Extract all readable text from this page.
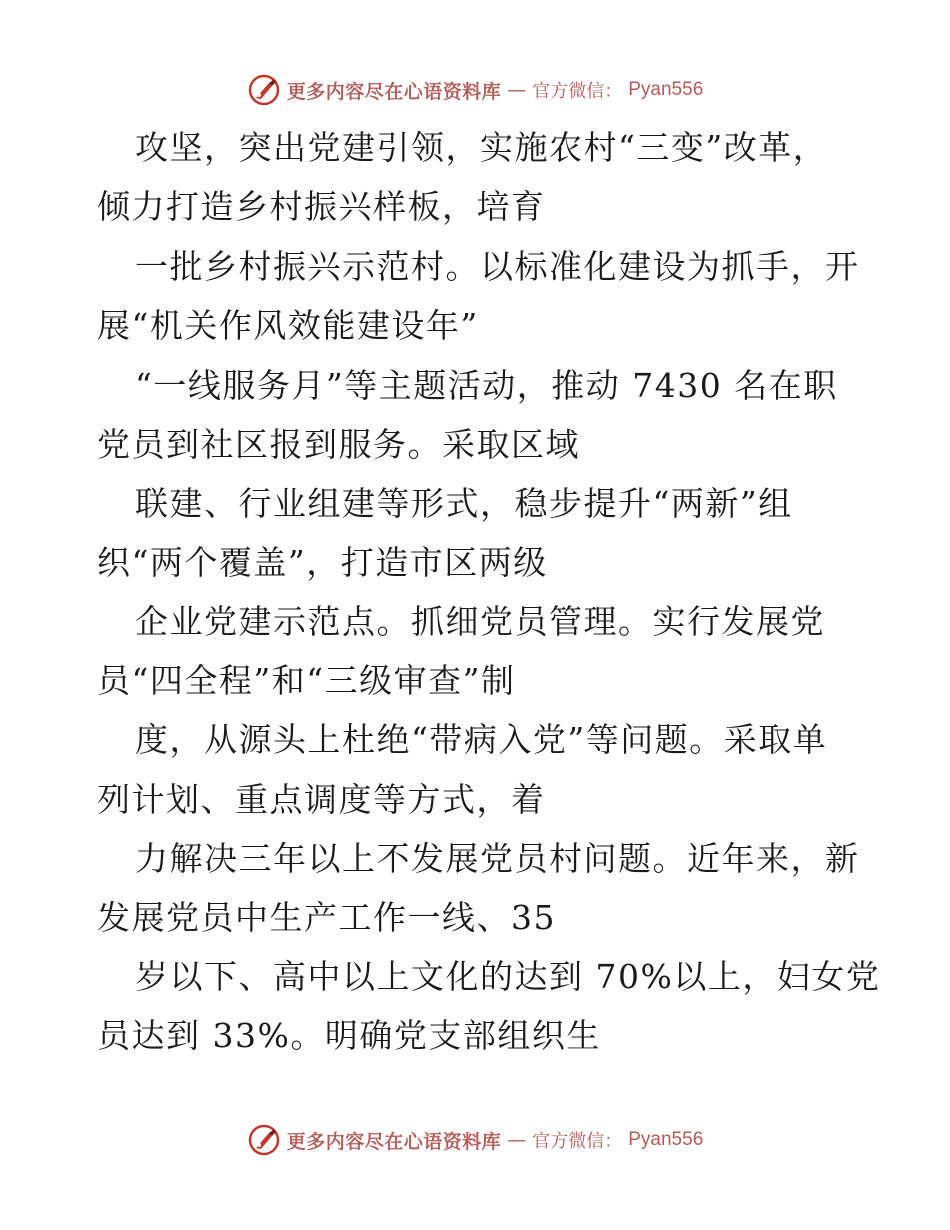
更多内容尽在心语资料库 — 官方微信： Pyan556
攻坚，突出党建引领，实施农村“三变”改革，
倾力打造乡村振兴样板，培育
一批乡村振兴示范村。以标准化建设为抓手，开
展“机关作风效能建设年”
“一线服务月”等主题活动，推动 7430 名在职
党员到社区报到服务。采取区域
联建、行业组建等形式，稳步提升“两新”组
织“两个覆盖”，打造市区两级
企业党建示范点。抓细党员管理。实行发展党
员“四全程”和“三级审查”制
度，从源头上杜绝“带病入党”等问题。采取单
列计划、重点调度等方式，着
力解决三年以上不发展党员村问题。近年来，新
发展党员中生产工作一线、35
岁以下、高中以上文化的达到 70%以上，妇女党
员达到 33%。明确党支部组织生
更多内容尽在心语资料库 — 官方微信： Pyan556
